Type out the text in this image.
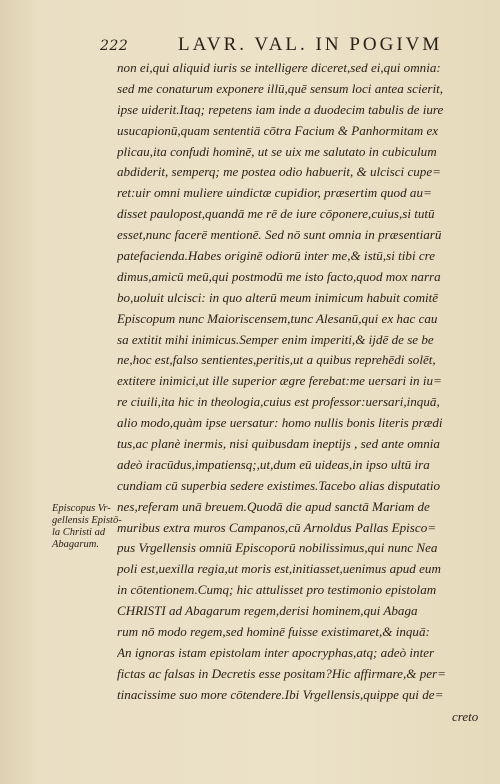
222	LAVR. VAL. IN POGIVM
non ei,qui aliquid iuris se intelligere diceret,sed ei,qui omnia:
sed me conaturum exponere illū,quē sensum loci antea scierit,
ipse uiderit.Itaq; repetens iam inde a duodecim tabulis de iure
usucapionū,quam sententiā cōtra Facium & Panhormitam ex
plicau,ita confudi hominē, ut se uix me salutato in cubiculum
abdiderit, semperq; me postea odio habuerit, & ulcisci cupe=
ret:uir omni muliere uindictæ cupidior, præsertim quod au=
disset paulopost,quandā me rē de iure cōponere,cuius,si tutū
esset,nunc facerē mentionē. Sed nō sunt omnia in præsentiarū
patefacienda.Habes originē odiorū inter me,& istū,si tibi cre
dimus,amicū meū,qui postmodū me isto facto,quod mox narra
bo,uoluit ulcisci: in quo alterū meum inimicum habuit comitē
Episcopum nunc Maioriscensem,tunc Alesanū,qui ex hac cau
sa extitit mihi inimicus.Semper enim imperiti,& ijdē de se be
ne,hoc est,falso sentientes,peritis,ut a quibus reprehēdi solēt,
extitere inimici,ut ille superior ægre ferebat:me uersari in iu=
re ciuili,ita hic in theologia,cuius est professor:uersari,inquā,
alio modo,quàm ipse uersatur: homo nullis bonis literis prædi
tus,ac planè inermis, nisi quibusdam ineptijs , sed ante omnia
adeò iracūdus,impatiensq;,ut,dum eū uideas,in ipso ultū ira
cundiam cū superbia sedere existimes.Tacebo alias disputatio
nes,referam unā breuem.Quodā die apud sanctā Mariam de
muribus extra muros Campanos,cū Arnoldus Pallas Episco=
pus Vrgellensis omniū Episcoporū nobilissimus,qui nunc Nea
poli est,uexilla regia,ut moris est,initiasset,uenimus apud eum
in cōtentionem.Cumq; hic attulisset pro testimonio epistolam
CHRISTI ad Abagarum regem,derisi hominem,qui Abaga
rum nō modo regem,sed hominē fuisse existimaret,& inquā:
An ignoras istam epistolam inter apocryphas,atq; adeò inter
fictas ac falsas in Decretis esse positam?Hic affirmare,& per=
tinacissime suo more cōtendere.Ibi Vrgellensis,quippe qui de=
Episcopus Vr-
gellensis Epistō-
la Christi ad
Abagarum.
creto
